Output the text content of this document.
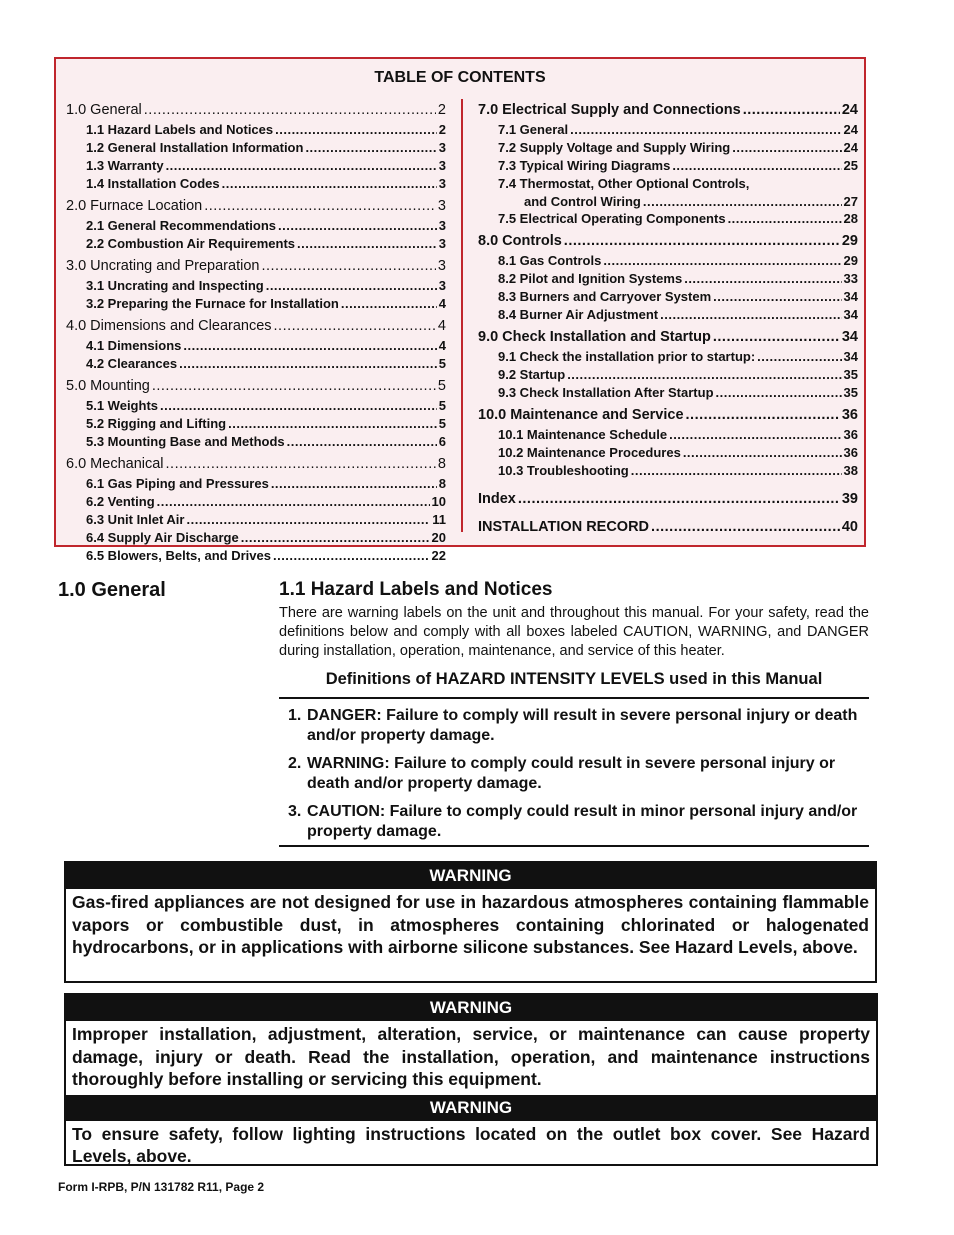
TABLE OF CONTENTS
1.0 General .....	2
1.1 Hazard Labels and Notices .....	2
1.2 General Installation Information .....	3
1.3 Warranty .....	3
1.4 Installation Codes .....	3
2.0 Furnace Location .....	3
2.1 General Recommendations .....	3
2.2 Combustion Air Requirements .....	3
3.0 Uncrating and Preparation .....	3
3.1 Uncrating and Inspecting .....	3
3.2 Preparing the Furnace for Installation .....	4
4.0 Dimensions and Clearances .....	4
4.1 Dimensions .....	4
4.2 Clearances .....	5
5.0 Mounting .....	5
5.1 Weights .....	5
5.2 Rigging and Lifting .....	5
5.3 Mounting Base and Methods .....	6
6.0 Mechanical .....	8
6.1 Gas Piping and Pressures .....	8
6.2 Venting .....	10
6.3 Unit Inlet Air .....	11
6.4 Supply Air Discharge .....	20
6.5 Blowers, Belts, and Drives .....	22
7.0 Electrical Supply and Connections .....	24
7.1 General .....	24
7.2 Supply Voltage and Supply Wiring .....	24
7.3 Typical Wiring Diagrams .....	25
7.4 Thermostat, Other Optional Controls,
and Control Wiring .....	27
7.5 Electrical Operating Components .....	28
8.0 Controls .....	29
8.1 Gas Controls .....	29
8.2 Pilot and Ignition Systems .....	33
8.3 Burners and Carryover System .....	34
8.4 Burner Air Adjustment .....	34
9.0 Check Installation and Startup .....	34
9.1 Check the installation prior to startup: .....	34
9.2 Startup .....	35
9.3 Check Installation After Startup .....	35
10.0 Maintenance and Service .....	36
10.1 Maintenance Schedule .....	36
10.2 Maintenance Procedures .....	36
10.3 Troubleshooting .....	38
Index .....	39
INSTALLATION RECORD .....	40
1.0 General	1.1 Hazard Labels and Notices
There are warning labels on the unit and throughout this manual. For your safety, read the definitions below and comply with all boxes labeled CAUTION, WARNING, and DANGER during installation, operation, maintenance, and service of this heater.
Definitions of HAZARD INTENSITY LEVELS used in this Manual
1. DANGER: Failure to comply will result in severe personal injury or death and/or property damage.
2. WARNING: Failure to comply could result in severe personal injury or death and/or property damage.
3. CAUTION: Failure to comply could result in minor personal injury and/or property damage.
WARNING
Gas-fired appliances are not designed for use in hazardous atmospheres containing flammable vapors or combustible dust, in atmospheres containing chlorinated or halogenated hydrocarbons, or in applications with airborne silicone substances. See Hazard Levels, above.
WARNING
Improper installation, adjustment, alteration, service, or maintenance can cause property damage, injury or death. Read the installation, operation, and maintenance instructions thoroughly before installing or servicing this equipment.
WARNING
To ensure safety, follow lighting instructions located on the outlet box cover. See Hazard Levels, above.
Form I-RPB, P/N 131782 R11, Page 2
